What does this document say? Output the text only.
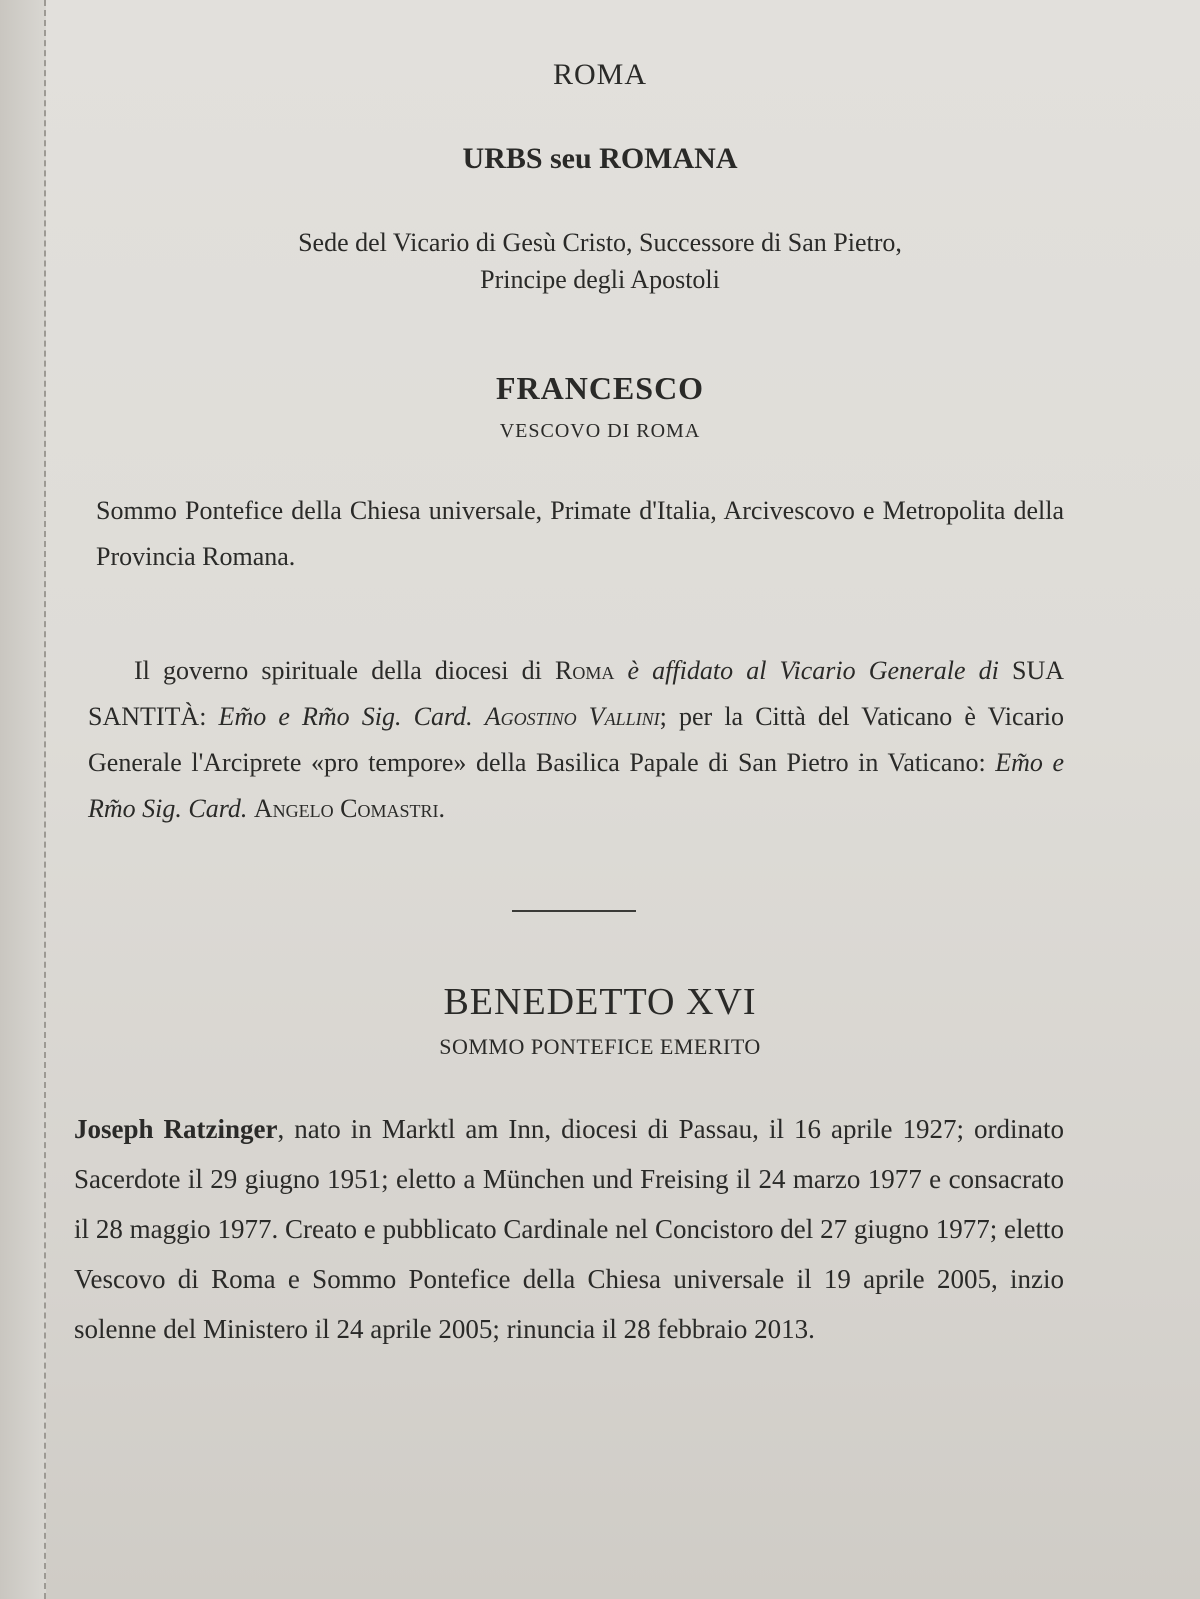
ROMA
URBS seu ROMANA
Sede del Vicario di Gesù Cristo, Successore di San Pietro,
Principe degli Apostoli
FRANCESCO
VESCOVO DI ROMA
Sommo Pontefice della Chiesa universale, Primate d'Italia, Arcivescovo e Metropolita della Provincia Romana.
Il governo spirituale della diocesi di Roma è affidato al Vicario Generale di SUA SANTITÀ: Em̃o e Rm̃o Sig. Card. Agostino Vallini; per la Città del Vaticano è Vicario Generale l'Arciprete «pro tempore» della Basilica Papale di San Pietro in Vaticano: Em̃o e Rm̃o Sig. Card. Angelo Comastri.
BENEDETTO XVI
SOMMO PONTEFICE EMERITO
Joseph Ratzinger, nato in Marktl am Inn, diocesi di Passau, il 16 aprile 1927; ordinato Sacerdote il 29 giugno 1951; eletto a München und Freising il 24 marzo 1977 e consacrato il 28 maggio 1977. Creato e pubblicato Cardinale nel Concistoro del 27 giugno 1977; eletto Vescovo di Roma e Sommo Pontefice della Chiesa universale il 19 aprile 2005, inzio solenne del Ministero il 24 aprile 2005; rinuncia il 28 febbraio 2013.
